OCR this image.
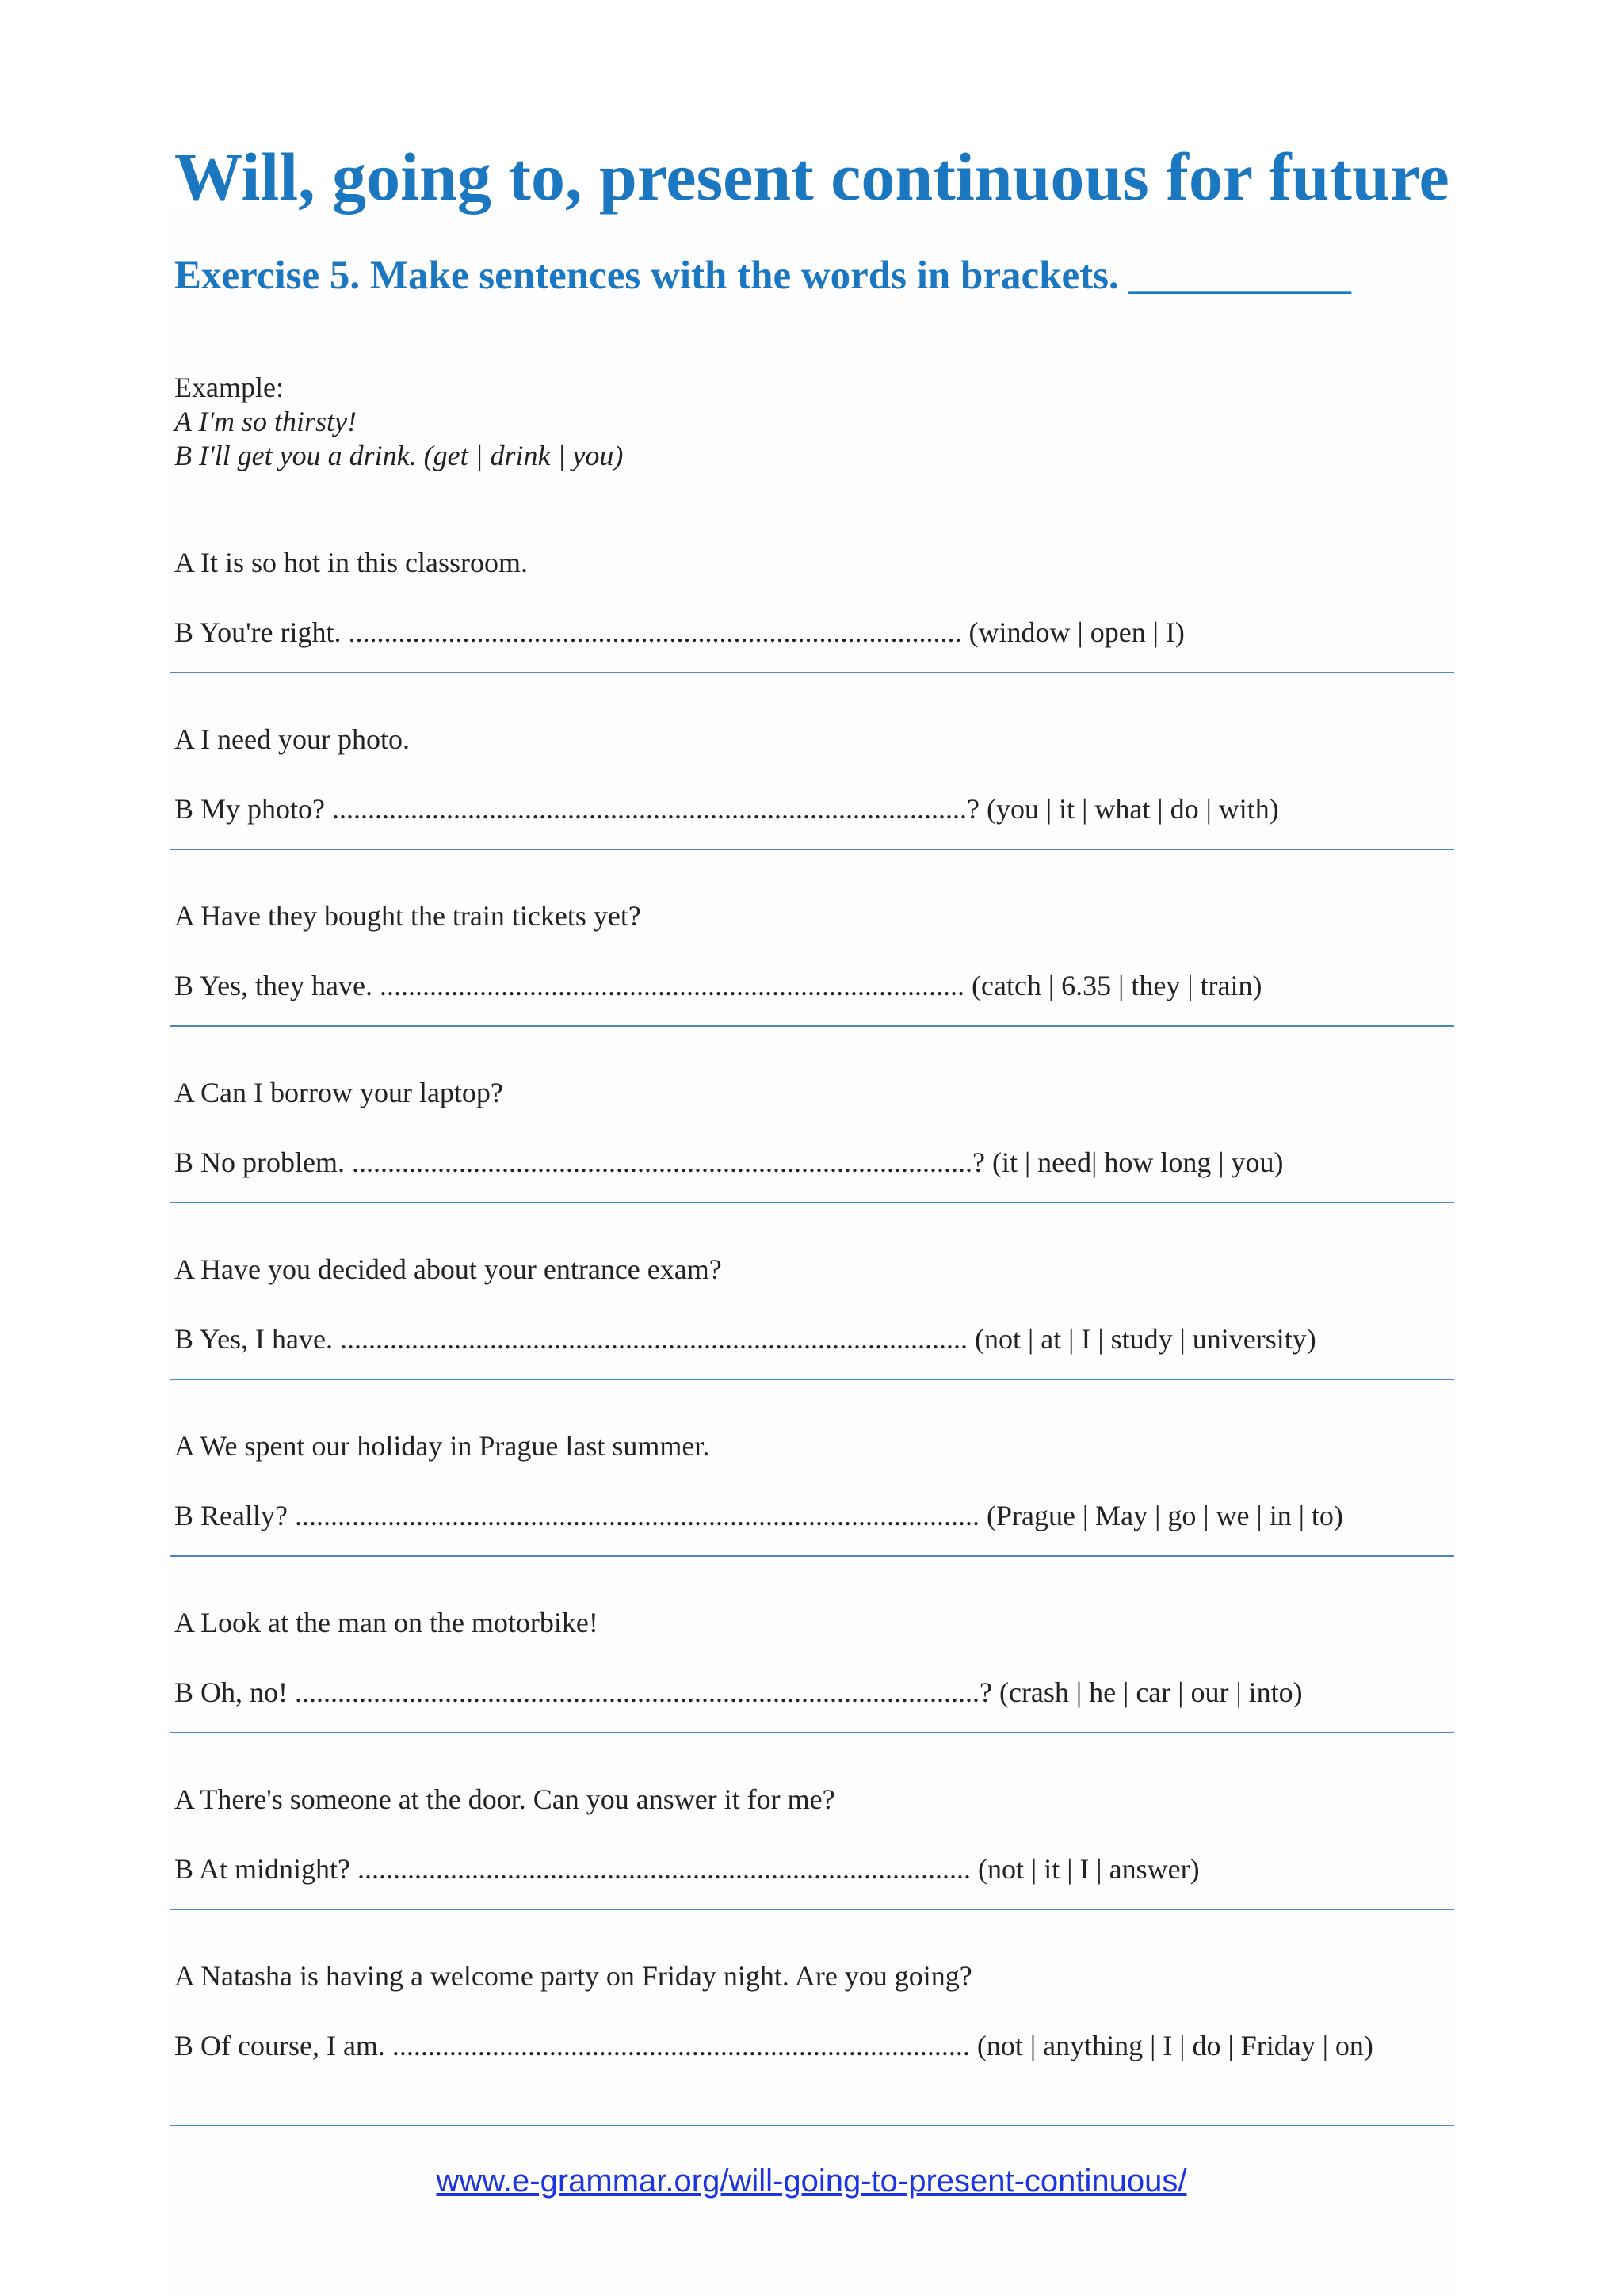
Will, going to, present continuous for future
Exercise 5. Make sentences with the words in brackets. ___________
Example:
A I'm so thirsty!
B I'll get you a drink. (get | drink | you)
A It is so hot in this classroom.
B You're right. ...................................................................................... (window | open | I)
A I need your photo.
B My photo? .........................................................................................? (you | it | what | do | with)
A Have they bought the train tickets yet?
B Yes, they have. .................................................................................. (catch | 6.35 | they | train)
A Can I borrow your laptop?
B No problem. .......................................................................................? (it | need| how long | you)
A Have you decided about your entrance exam?
B Yes, I have. ........................................................................................ (not | at | I | study | university)
A We spent our holiday in Prague last summer.
B Really? ................................................................................................ (Prague | May | go | we | in | to)
A Look at the man on the motorbike!
B Oh, no! ................................................................................................? (crash | he | car | our | into)
A There's someone at the door. Can you answer it for me?
B At midnight? ...................................................................................... (not | it | I | answer)
A Natasha is having a welcome party on Friday night. Are you going?
B Of course, I am. ................................................................................. (not | anything | I | do | Friday | on)
www.e-grammar.org/will-going-to-present-continuous/
